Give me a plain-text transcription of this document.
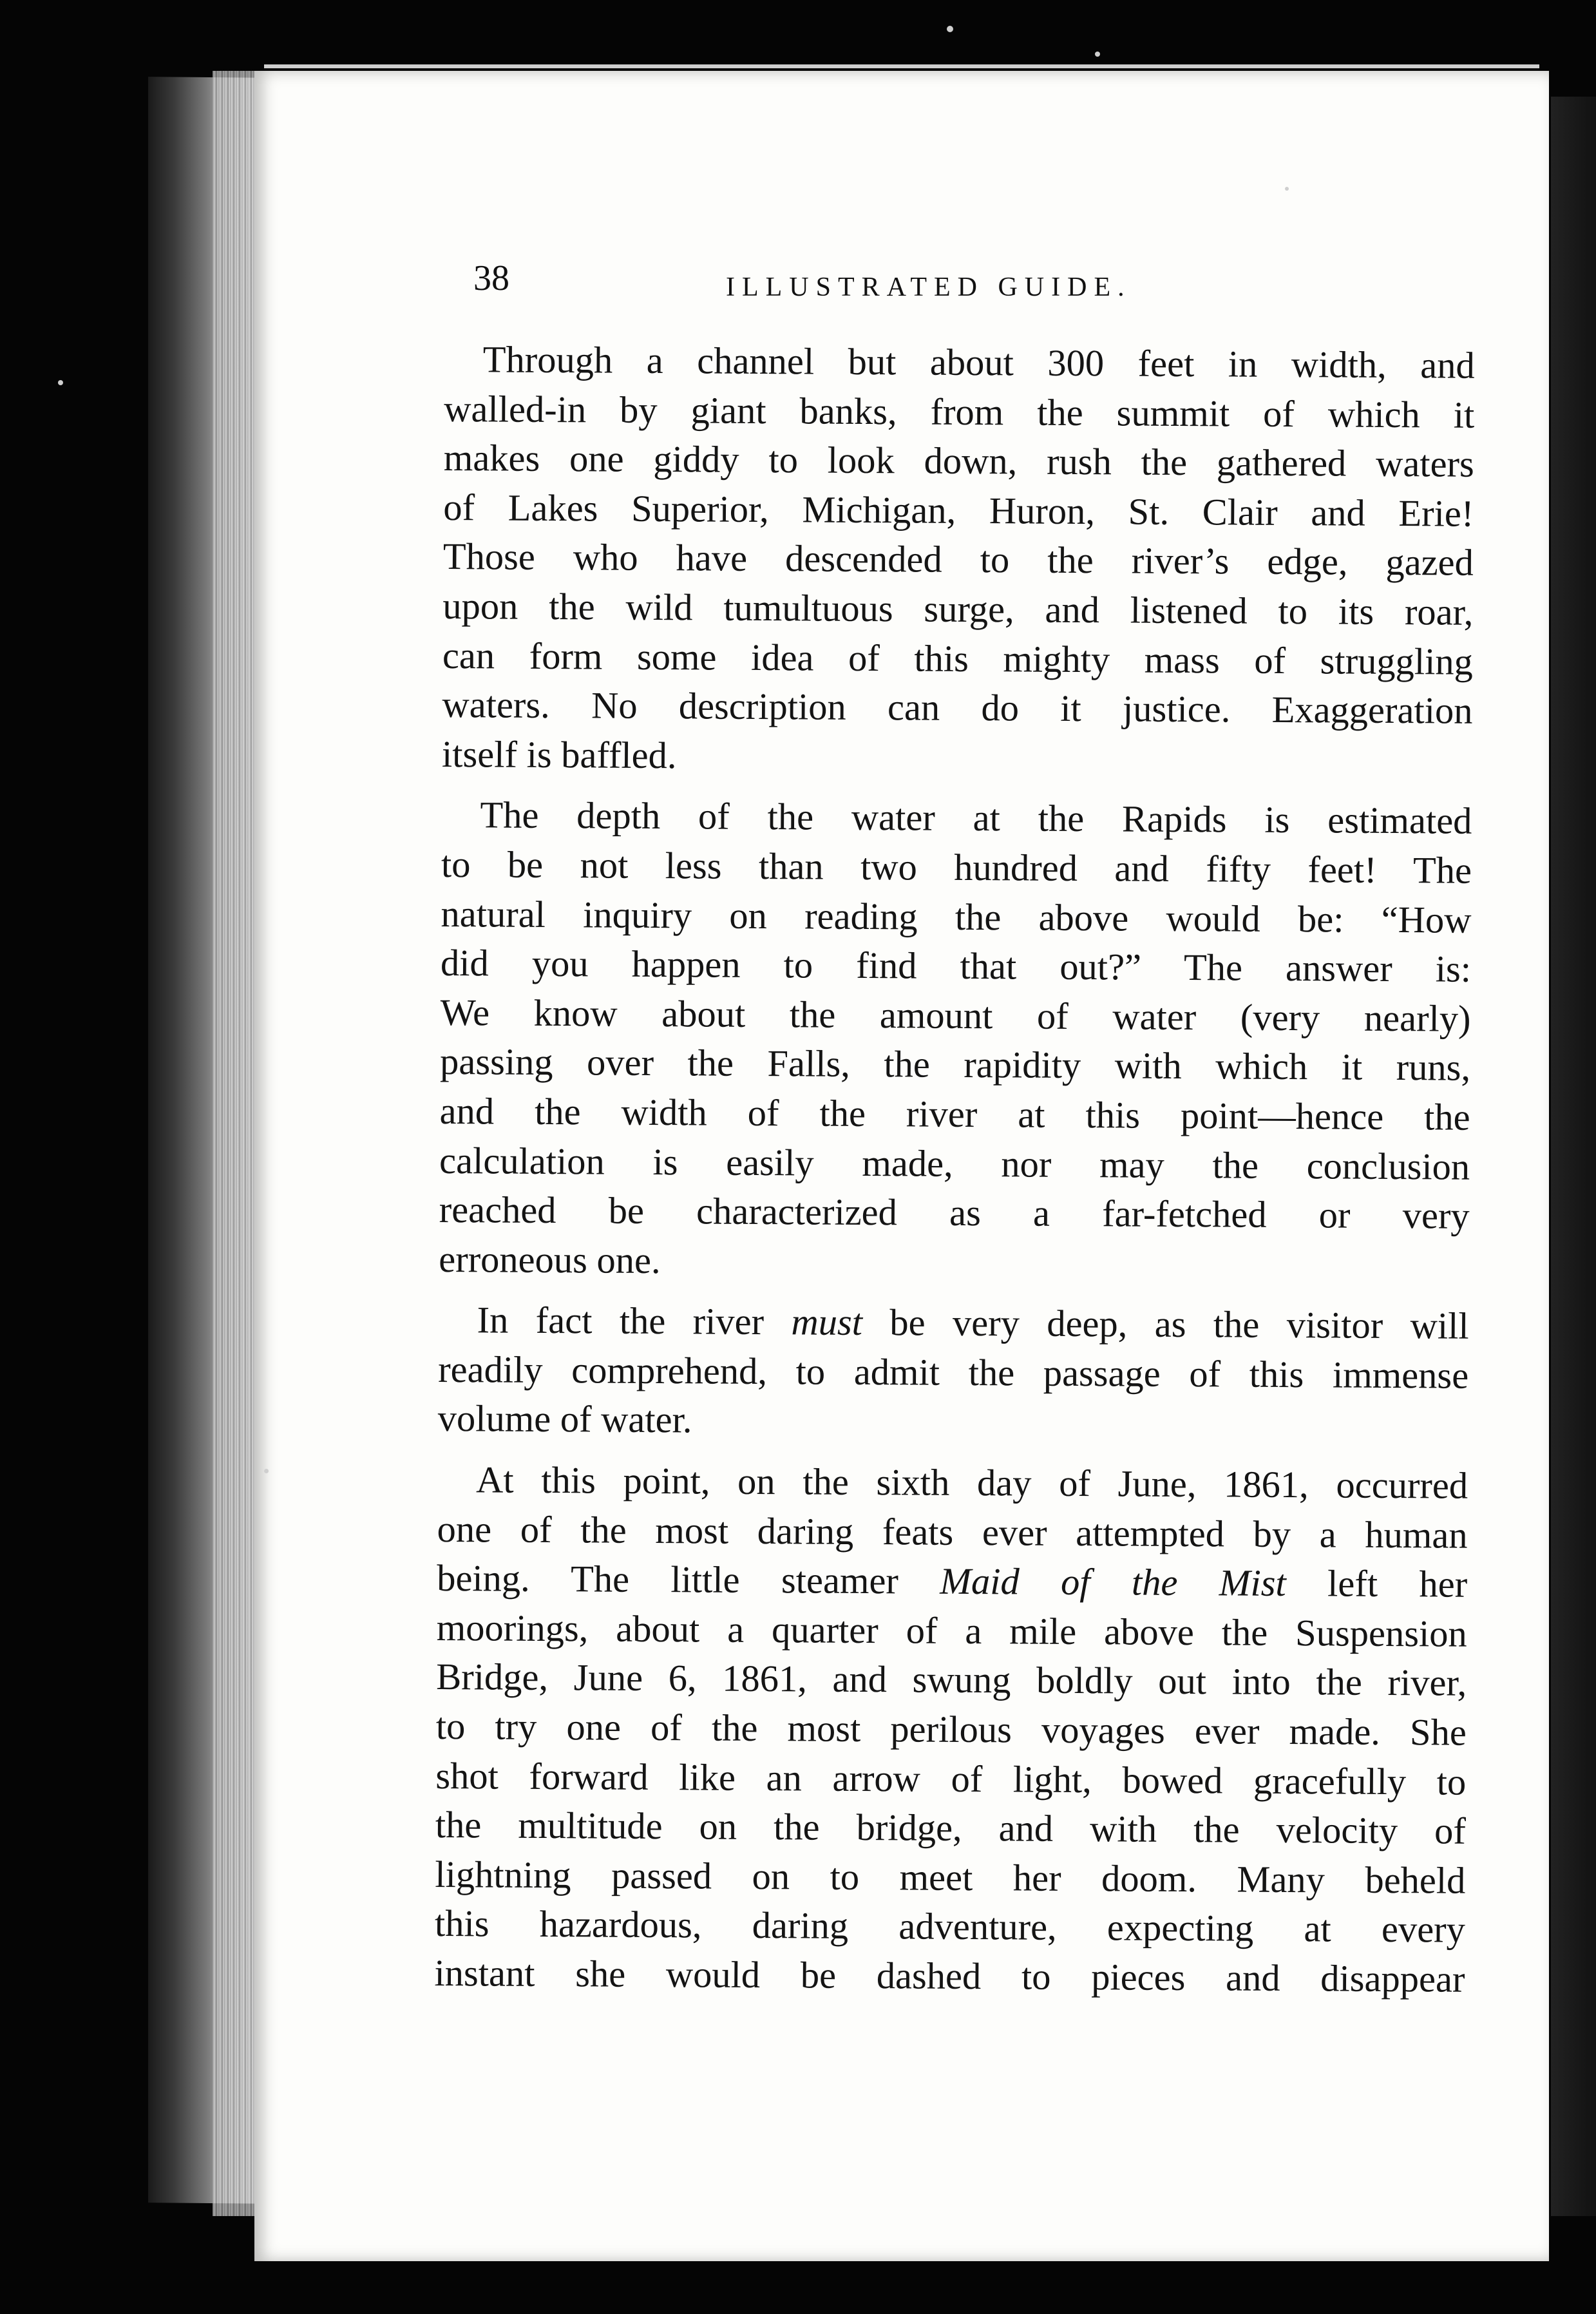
38	ILLUSTRATED GUIDE.
Through a channel but about 300 feet in width, and
walled-in by giant banks, from the summit of which it
makes one giddy to look down, rush the gathered waters
of Lakes Superior, Michigan, Huron, St. Clair and Erie!
Those who have descended to the river’s edge, gazed
upon the wild tumultuous surge, and listened to its roar,
can form some idea of this mighty mass of struggling
waters. No description can do it justice. Exaggeration
itself is baffled.
The depth of the water at the Rapids is estimated
to be not less than two hundred and fifty feet! The
natural inquiry on reading the above would be: “How
did you happen to find that out?” The answer is:
We know about the amount of water (very nearly)
passing over the Falls, the rapidity with which it runs,
and the width of the river at this point—hence the
calculation is easily made, nor may the conclusion
reached be characterized as a far-fetched or very
erroneous one.
In fact the river must be very deep, as the visitor will
readily comprehend, to admit the passage of this immense
volume of water.
At this point, on the sixth day of June, 1861, occurred
one of the most daring feats ever attempted by a human
being. The little steamer Maid of the Mist left her
moorings, about a quarter of a mile above the Suspension
Bridge, June 6, 1861, and swung boldly out into the river,
to try one of the most perilous voyages ever made. She
shot forward like an arrow of light, bowed gracefully to
the multitude on the bridge, and with the velocity of
lightning passed on to meet her doom. Many beheld
this hazardous, daring adventure, expecting at every
instant she would be dashed to pieces and disappear
